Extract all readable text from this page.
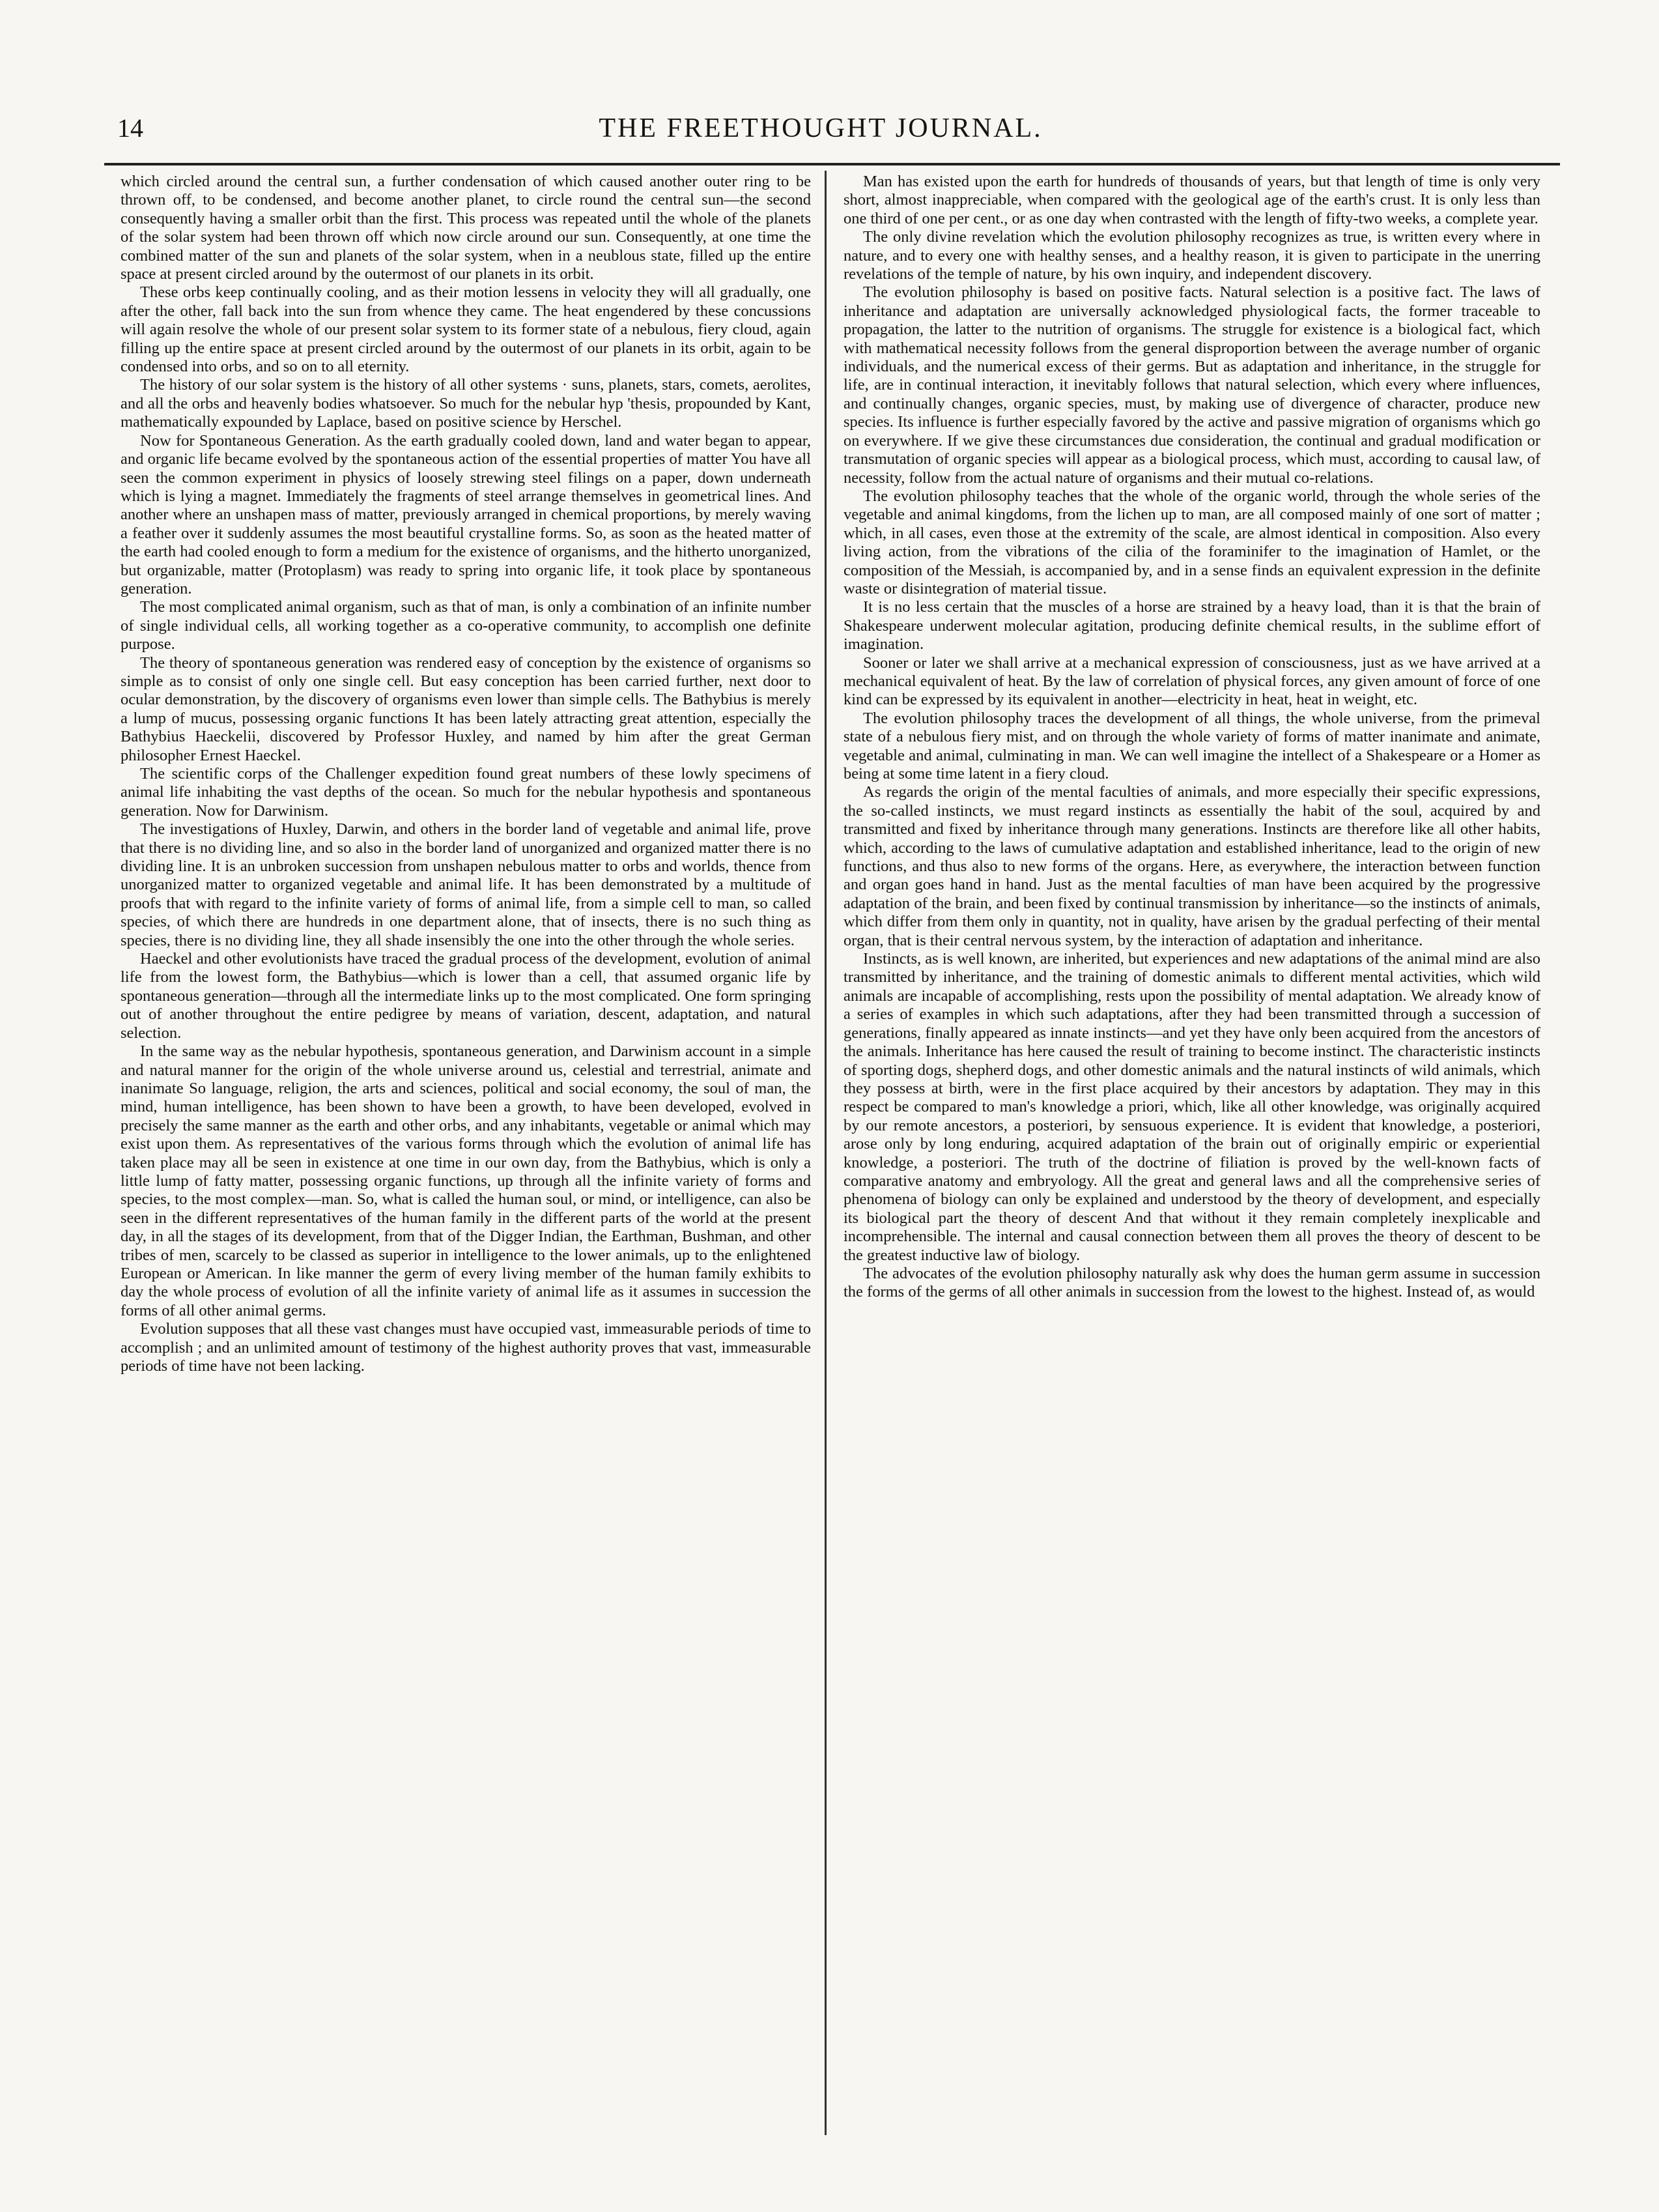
14	THE FREETHOUGHT JOURNAL.

which circled around the central sun, a further condensation of which caused another outer ring to be thrown off, to be condensed, and become another planet, to circle round the central sun—the second consequently having a smaller orbit than the first. This process was repeated until the whole of the planets of the solar system had been thrown off which now circle around our sun. Consequently, at one time the combined matter of the sun and planets of the solar system, when in a neublous state, filled up the entire space at present circled around by the outermost of our planets in its orbit.

These orbs keep continually cooling, and as their motion lessens in velocity they will all gradually, one after the other, fall back into the sun from whence they came. The heat engendered by these concussions will again resolve the whole of our present solar system to its former state of a nebulous, fiery cloud, again filling up the entire space at present circled around by the outermost of our planets in its orbit, again to be condensed into orbs, and so on to all eternity.

The history of our solar system is the history of all other systems · suns, planets, stars, comets, aerolites, and all the orbs and heavenly bodies whatsoever. So much for the nebular hyp 'thesis, propounded by Kant, mathematically expounded by Laplace, based on positive science by Herschel.

Now for Spontaneous Generation. As the earth gradually cooled down, land and water began to appear, and organic life became evolved by the spontaneous action of the essential properties of matter You have all seen the common experiment in physics of loosely strewing steel filings on a paper, down underneath which is lying a magnet. Immediately the fragments of steel arrange themselves in geometrical lines. And another where an unshapen mass of matter, previously arranged in chemical proportions, by merely waving a feather over it suddenly assumes the most beautiful crystalline forms. So, as soon as the heated matter of the earth had cooled enough to form a medium for the existence of organisms, and the hitherto unorganized, but organizable, matter (Protoplasm) was ready to spring into organic life, it took place by spontaneous generation.

The most complicated animal organism, such as that of man, is only a combination of an infinite number of single individual cells, all working together as a co-operative community, to accomplish one definite purpose.

The theory of spontaneous generation was rendered easy of conception by the existence of organisms so simple as to consist of only one single cell. But easy conception has been carried further, next door to ocular demonstration, by the discovery of organisms even lower than simple cells. The Bathybius is merely a lump of mucus, possessing organic functions It has been lately attracting great attention, especially the Bathybius Haeckelii, discovered by Professor Huxley, and named by him after the great German philosopher Ernest Haeckel.

The scientific corps of the Challenger expedition found great numbers of these lowly specimens of animal life inhabiting the vast depths of the ocean. So much for the nebular hypothesis and spontaneous generation. Now for Darwinism.

The investigations of Huxley, Darwin, and others in the border land of vegetable and animal life, prove that there is no dividing line, and so also in the border land of unorganized and organized matter there is no dividing line. It is an unbroken succession from unshapen nebulous matter to orbs and worlds, thence from unorganized matter to organized vegetable and animal life. It has been demonstrated by a multitude of proofs that with regard to the infinite variety of forms of animal life, from a simple cell to man, so called species, of which there are hundreds in one department alone, that of insects, there is no such thing as species, there is no dividing line, they all shade insensibly the one into the other through the whole series.

Haeckel and other evolutionists have traced the gradual process of the development, evolution of animal life from the lowest form, the Bathybius—which is lower than a cell, that assumed organic life by spontaneous generation—through all the intermediate links up to the most complicated. One form springing out of another throughout the entire pedigree by means of variation, descent, adaptation, and natural selection.

In the same way as the nebular hypothesis, spontaneous generation, and Darwinism account in a simple and natural manner for the origin of the whole universe around us, celestial and terrestrial, animate and inanimate So language, religion, the arts and sciences, political and social economy, the soul of man, the mind, human intelligence, has been shown to have been a growth, to have been developed, evolved in precisely the same manner as the earth and other orbs, and any inhabitants, vegetable or animal which may exist upon them. As representatives of the various forms through which the evolution of animal life has taken place may all be seen in existence at one time in our own day, from the Bathybius, which is only a little lump of fatty matter, possessing organic functions, up through all the infinite variety of forms and species, to the most complex—man. So, what is called the human soul, or mind, or intelligence, can also be seen in the different representatives of the human family in the different parts of the world at the present day, in all the stages of its development, from that of the Digger Indian, the Earthman, Bushman, and other tribes of men, scarcely to be classed as superior in intelligence to the lower animals, up to the enlightened European or American. In like manner the germ of every living member of the human family exhibits to day the whole process of evolution of all the infinite variety of animal life as it assumes in succession the forms of all other animal germs.

Evolution supposes that all these vast changes must have occupied vast, immeasurable periods of time to accomplish ; and an unlimited amount of testimony of the highest authority proves that vast, immeasurable periods of time have not been lacking.

Man has existed upon the earth for hundreds of thousands of years, but that length of time is only very short, almost inappreciable, when compared with the geological age of the earth's crust. It is only less than one third of one per cent., or as one day when contrasted with the length of fifty-two weeks, a complete year.

The only divine revelation which the evolution philosophy recognizes as true, is written every where in nature, and to every one with healthy senses, and a healthy reason, it is given to participate in the unerring revelations of the temple of nature, by his own inquiry, and independent discovery.

The evolution philosophy is based on positive facts. Natural selection is a positive fact. The laws of inheritance and adaptation are universally acknowledged physiological facts, the former traceable to propagation, the latter to the nutrition of organisms. The struggle for existence is a biological fact, which with mathematical necessity follows from the general disproportion between the average number of organic individuals, and the numerical excess of their germs. But as adaptation and inheritance, in the struggle for life, are in continual interaction, it inevitably follows that natural selection, which every where influences, and continually changes, organic species, must, by making use of divergence of character, produce new species. Its influence is further especially favored by the active and passive migration of organisms which go on everywhere. If we give these circumstances due consideration, the continual and gradual modification or transmutation of organic species will appear as a biological process, which must, according to causal law, of necessity, follow from the actual nature of organisms and their mutual co-relations.

The evolution philosophy teaches that the whole of the organic world, through the whole series of the vegetable and animal kingdoms, from the lichen up to man, are all composed mainly of one sort of matter ; which, in all cases, even those at the extremity of the scale, are almost identical in composition. Also every living action, from the vibrations of the cilia of the foraminifer to the imagination of Hamlet, or the composition of the Messiah, is accompanied by, and in a sense finds an equivalent expression in the definite waste or disintegration of material tissue.

It is no less certain that the muscles of a horse are strained by a heavy load, than it is that the brain of Shakespeare underwent molecular agitation, producing definite chemical results, in the sublime effort of imagination.

Sooner or later we shall arrive at a mechanical expression of consciousness, just as we have arrived at a mechanical equivalent of heat. By the law of correlation of physical forces, any given amount of force of one kind can be expressed by its equivalent in another—electricity in heat, heat in weight, etc.

The evolution philosophy traces the development of all things, the whole universe, from the primeval state of a nebulous fiery mist, and on through the whole variety of forms of matter inanimate and animate, vegetable and animal, culminating in man. We can well imagine the intellect of a Shakespeare or a Homer as being at some time latent in a fiery cloud.

As regards the origin of the mental faculties of animals, and more especially their specific expressions, the so-called instincts, we must regard instincts as essentially the habit of the soul, acquired by and transmitted and fixed by inheritance through many generations. Instincts are therefore like all other habits, which, according to the laws of cumulative adaptation and established inheritance, lead to the origin of new functions, and thus also to new forms of the organs. Here, as everywhere, the interaction between function and organ goes hand in hand. Just as the mental faculties of man have been acquired by the progressive adaptation of the brain, and been fixed by continual transmission by inheritance—so the instincts of animals, which differ from them only in quantity, not in quality, have arisen by the gradual perfecting of their mental organ, that is their central nervous system, by the interaction of adaptation and inheritance.

Instincts, as is well known, are inherited, but experiences and new adaptations of the animal mind are also transmitted by inheritance, and the training of domestic animals to different mental activities, which wild animals are incapable of accomplishing, rests upon the possibility of mental adaptation. We already know of a series of examples in which such adaptations, after they had been transmitted through a succession of generations, finally appeared as innate instincts—and yet they have only been acquired from the ancestors of the animals. Inheritance has here caused the result of training to become instinct. The characteristic instincts of sporting dogs, shepherd dogs, and other domestic animals and the natural instincts of wild animals, which they possess at birth, were in the first place acquired by their ancestors by adaptation. They may in this respect be compared to man's knowledge a priori, which, like all other knowledge, was originally acquired by our remote ancestors, a posteriori, by sensuous experience. It is evident that knowledge, a posteriori, arose only by long enduring, acquired adaptation of the brain out of originally empiric or experiential knowledge, a posteriori. The truth of the doctrine of filiation is proved by the well-known facts of comparative anatomy and embryology. All the great and general laws and all the comprehensive series of phenomena of biology can only be explained and understood by the theory of development, and especially its biological part the theory of descent And that without it they remain completely inexplicable and incomprehensible. The internal and causal connection between them all proves the theory of descent to be the greatest inductive law of biology.

The advocates of the evolution philosophy naturally ask why does the human germ assume in succession the forms of the germs of all other animals in succession from the lowest to the highest. Instead of, as would
